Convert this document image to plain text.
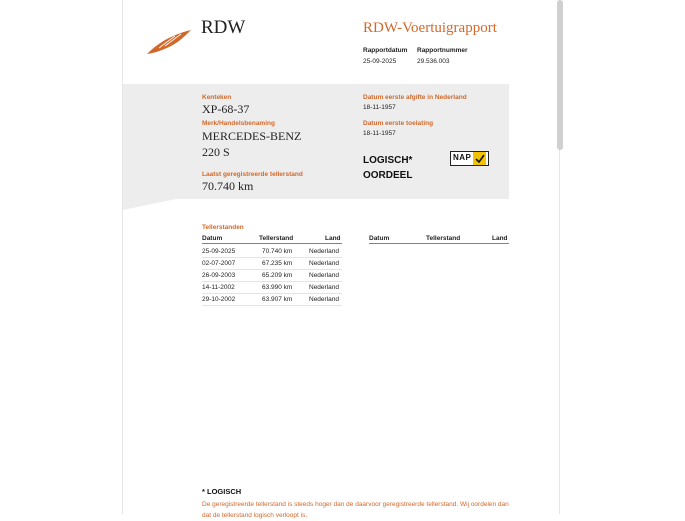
RDW	RDW-Voertuigrapport
Rapportdatum Rapportnummer
25-09-2025	29.536.003
Kenteken
XP-68-37
Merk/Handelsbenaming
MERCEDES-BENZ
220 S
Laatst geregistreerde tellerstand
70.740 km
Datum eerste afgifte in Nederland
18-11-1957
Datum eerste toelating
18-11-1957
LOGISCH*
OORDEEL
NAP
Tellerstanden
Datum	Tellerstand	Land	Datum	Tellerstand	Land
25-09-2025	70.740 km	Nederland
02-07-2007	67.235 km	Nederland
26-09-2003	65.209 km	Nederland
14-11-2002	63.990 km	Nederland
29-10-2002	63.907 km	Nederland
* LOGISCH
De geregistreerde tellerstand is steeds hoger dan de daarvoor geregistreerde tellerstand. Wij oordelen dan dat de tellerstand logisch verloopt is.
